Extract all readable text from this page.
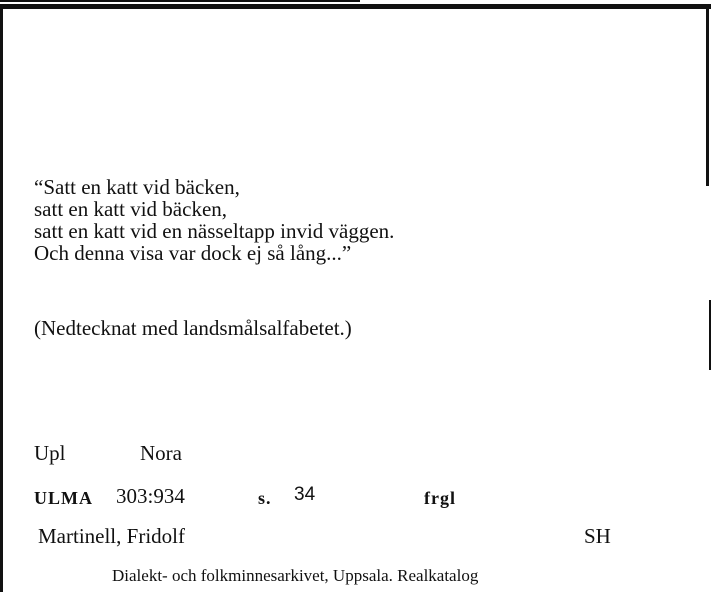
“Satt en katt vid bäcken,
satt en katt vid bäcken,
satt en katt vid en nässeltapp invid väggen.
Och denna visa var dock ej så lång...”
(Nedtecknat med landsmålsalfabetet.)
Upl	Nora
ULMA 303:934	s. 34	frgl
Martinell, Fridolf	SH
Dialekt- och folkminnesarkivet, Uppsala. Realkatalog
